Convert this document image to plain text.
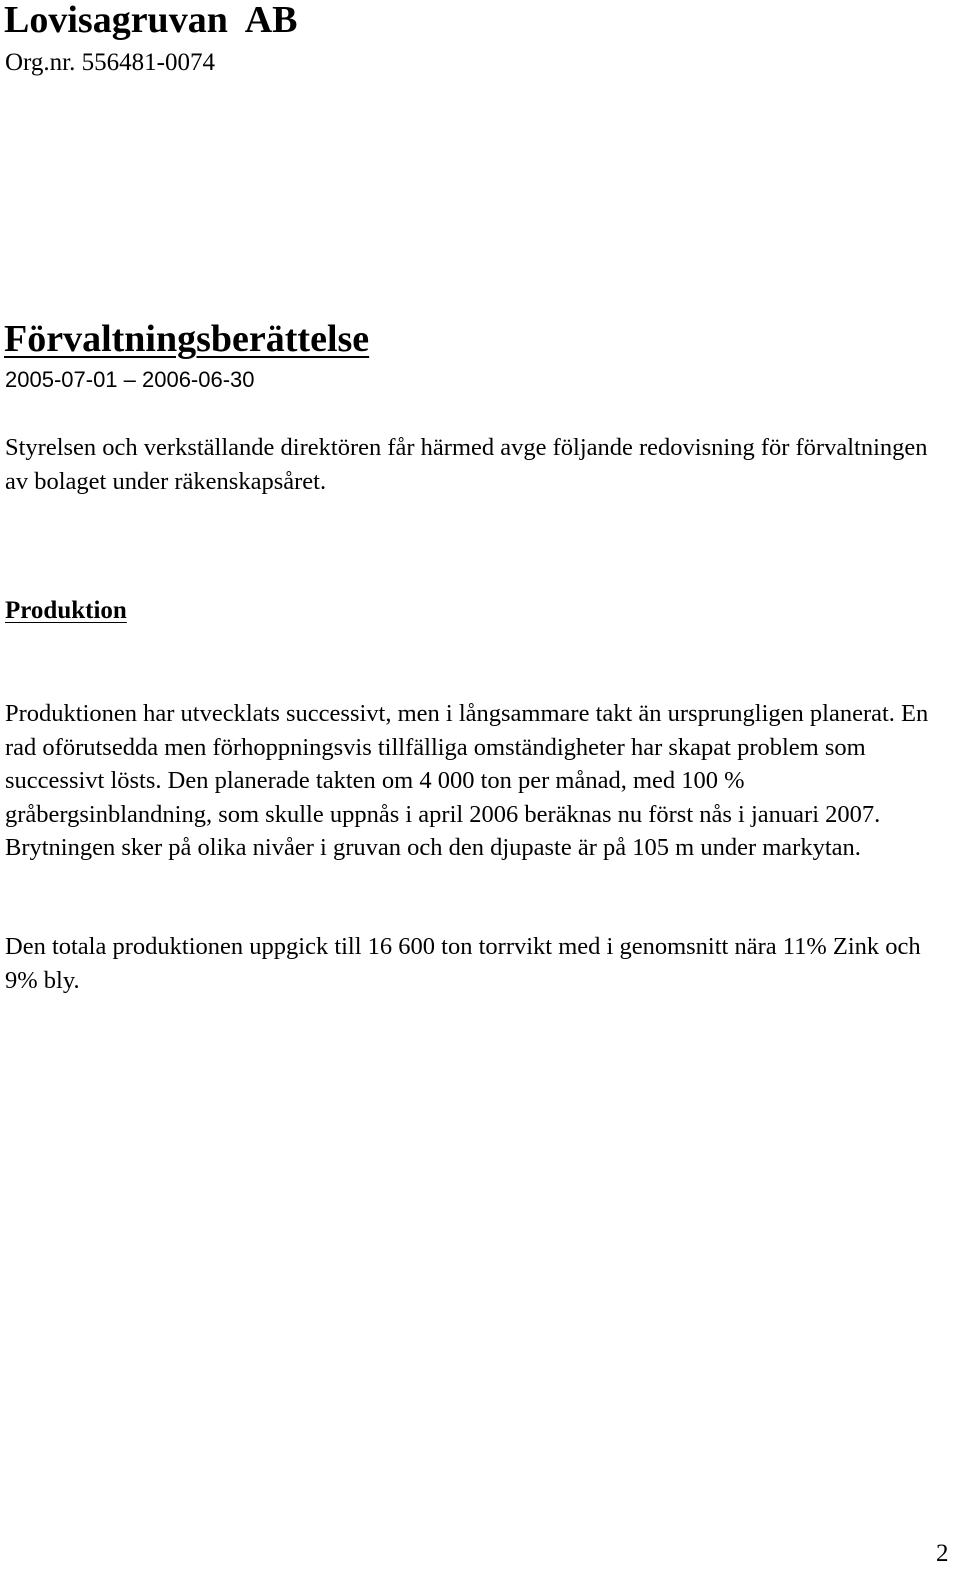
Lovisagruvan  AB
Org.nr. 556481-0074
Förvaltningsberättelse
2005-07-01 – 2006-06-30

Styrelsen och verkställande direktören får härmed avge följande redovisning för förvaltningen av bolaget under räkenskapsåret.

Produktion

Produktionen har utvecklats successivt, men i långsammare takt än ursprungligen planerat. En rad oförutsedda men förhoppningsvis tillfälliga omständigheter har skapat problem som successivt lösts. Den planerade takten om 4 000 ton per månad, med 100 % gråbergsinblandning, som skulle uppnås i april 2006 beräknas nu först nås i januari 2007. Brytningen sker på olika nivåer i gruvan och den djupaste är på 105 m under markytan.

Den totala produktionen uppgick till 16 600 ton torrvikt med i genomsnitt nära 11% Zink och 9% bly.

2
